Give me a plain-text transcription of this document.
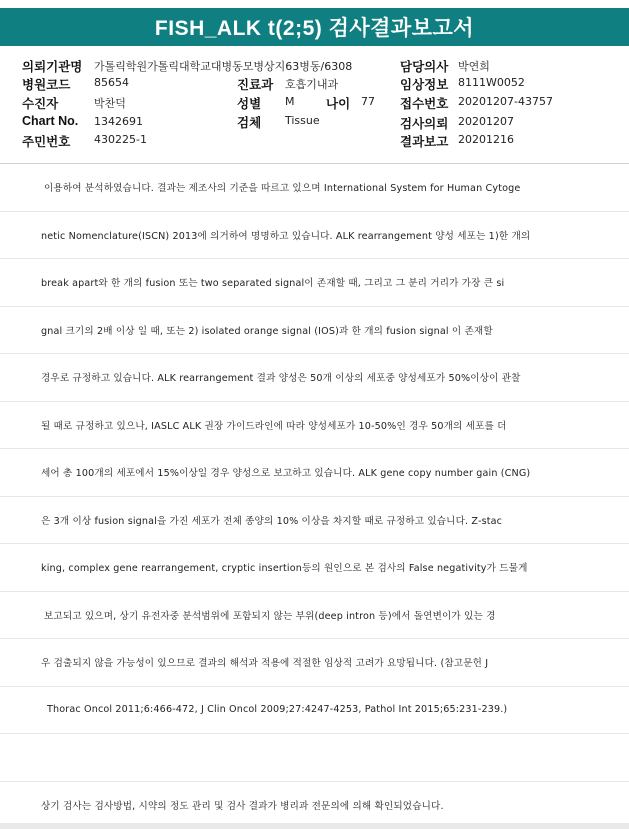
FISH_ALK t(2;5) 검사결과보고서
의뢰기관명 가톨릭학원가톨릭대학교대병동모병상지63병동/6308	담당의사 박연희
병원코드 85654	진료과 호흡기내과	임상정보 8111W0052
수진자	박찬덕	성별 M	나이 77 접수번호 20201207-43757
Chart No. 1342691	검체 Tissue	검사의뢰 20201207
주민번호 430225-1	결과보고 20201216
이용하여 분석하였습니다. 결과는 제조사의 기준을 따르고 있으며 International System for Human Cytoge
netic Nomenclature(ISCN) 2013에 의거하여 명명하고 있습니다. ALK rearrangement 양성 세포는 1)한 개의
break apart와 한 개의 fusion 또는 two separated signal이 존재할 때, 그리고 그 분리 거리가 가장 큰 si
gnal 크기의 2배 이상 일 때, 또는 2) isolated orange signal (IOS)과 한 개의 fusion signal 이 존재할
경우로 규정하고 있습니다. ALK rearrangement 결과 양성은 50개 이상의 세포중 양성세포가 50%이상이 관찰
될 때로 규정하고 있으나, IASLC ALK 권장 가이드라인에 따라 양성세포가 10-50%인 경우 50개의 세포를 더
세어 총 100개의 세포에서 15%이상일 경우 양성으로 보고하고 있습니다. ALK gene copy number gain (CNG)
은 3개 이상 fusion signal을 가진 세포가 전체 종양의 10% 이상을 차지할 때로 규정하고 있습니다. Z-stac
king, complex gene rearrangement, cryptic insertion등의 원인으로 본 검사의 False negativity가 드물게
보고되고 있으며, 상기 유전자중 분석범위에 포함되지 않는 부위(deep intron 등)에서 돌연변이가 있는 경
우 검출되지 않을 가능성이 있으므로 결과의 해석과 적용에 적절한 임상적 고려가 요망됩니다. (참고문헌 J
Thorac Oncol 2011;6:466-472, J Clin Oncol 2009;27:4247-4253, Pathol Int 2015;65:231-239.)
상기 검사는 검사방법, 시약의 정도 관리 및 검사 결과가 병리과 전문의에 의해 확인되었습니다.
